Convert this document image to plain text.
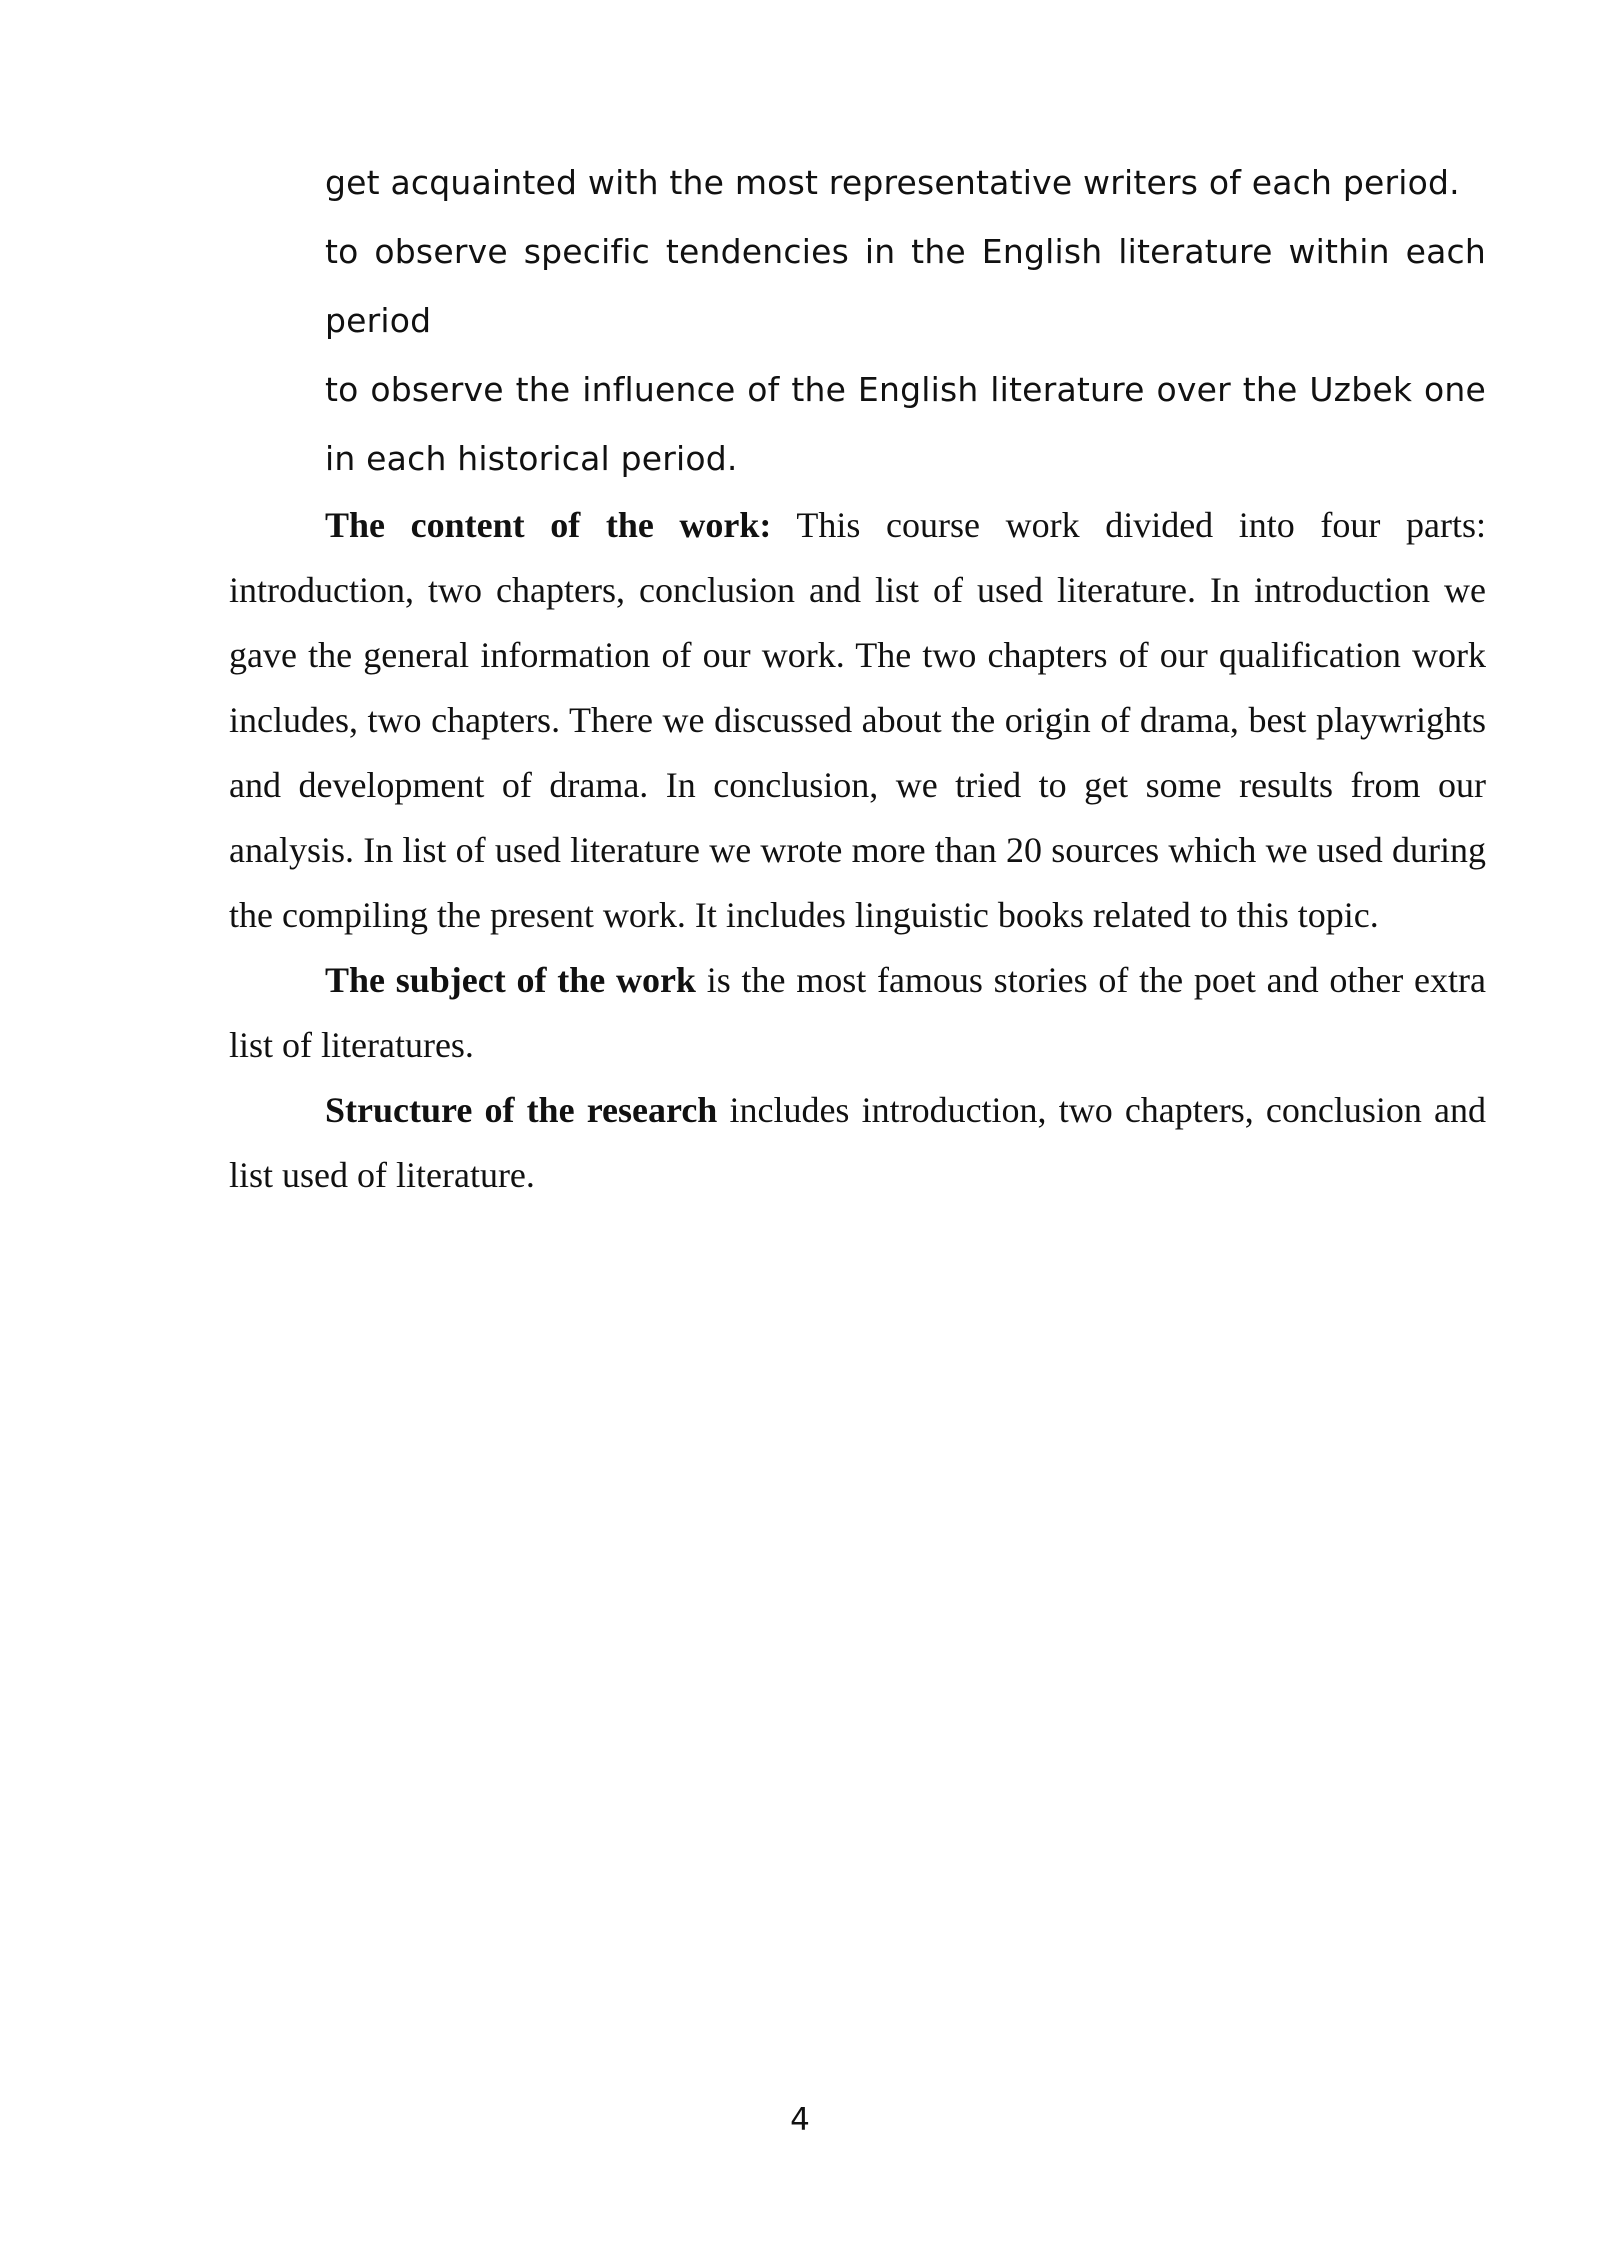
get acquainted with the most representative writers of each period.

to observe specific tendencies in the English literature within each period

to observe the influence of the English literature over the Uzbek one in each historical period.

The content of the work: This course work divided into four parts: introduction, two chapters, conclusion and list of used literature. In introduction we gave the general information of our work. The two chapters of our qualification work includes, two chapters. There we discussed about the origin of drama, best playwrights and development of drama. In conclusion, we tried to get some results from our analysis. In list of used literature we wrote more than 20 sources which we used during the compiling the present work. It includes linguistic books related to this topic.

The subject of the work is the most famous stories of the poet and other extra list of literatures.

Structure of the research includes introduction, two chapters, conclusion and list used of literature.

4
